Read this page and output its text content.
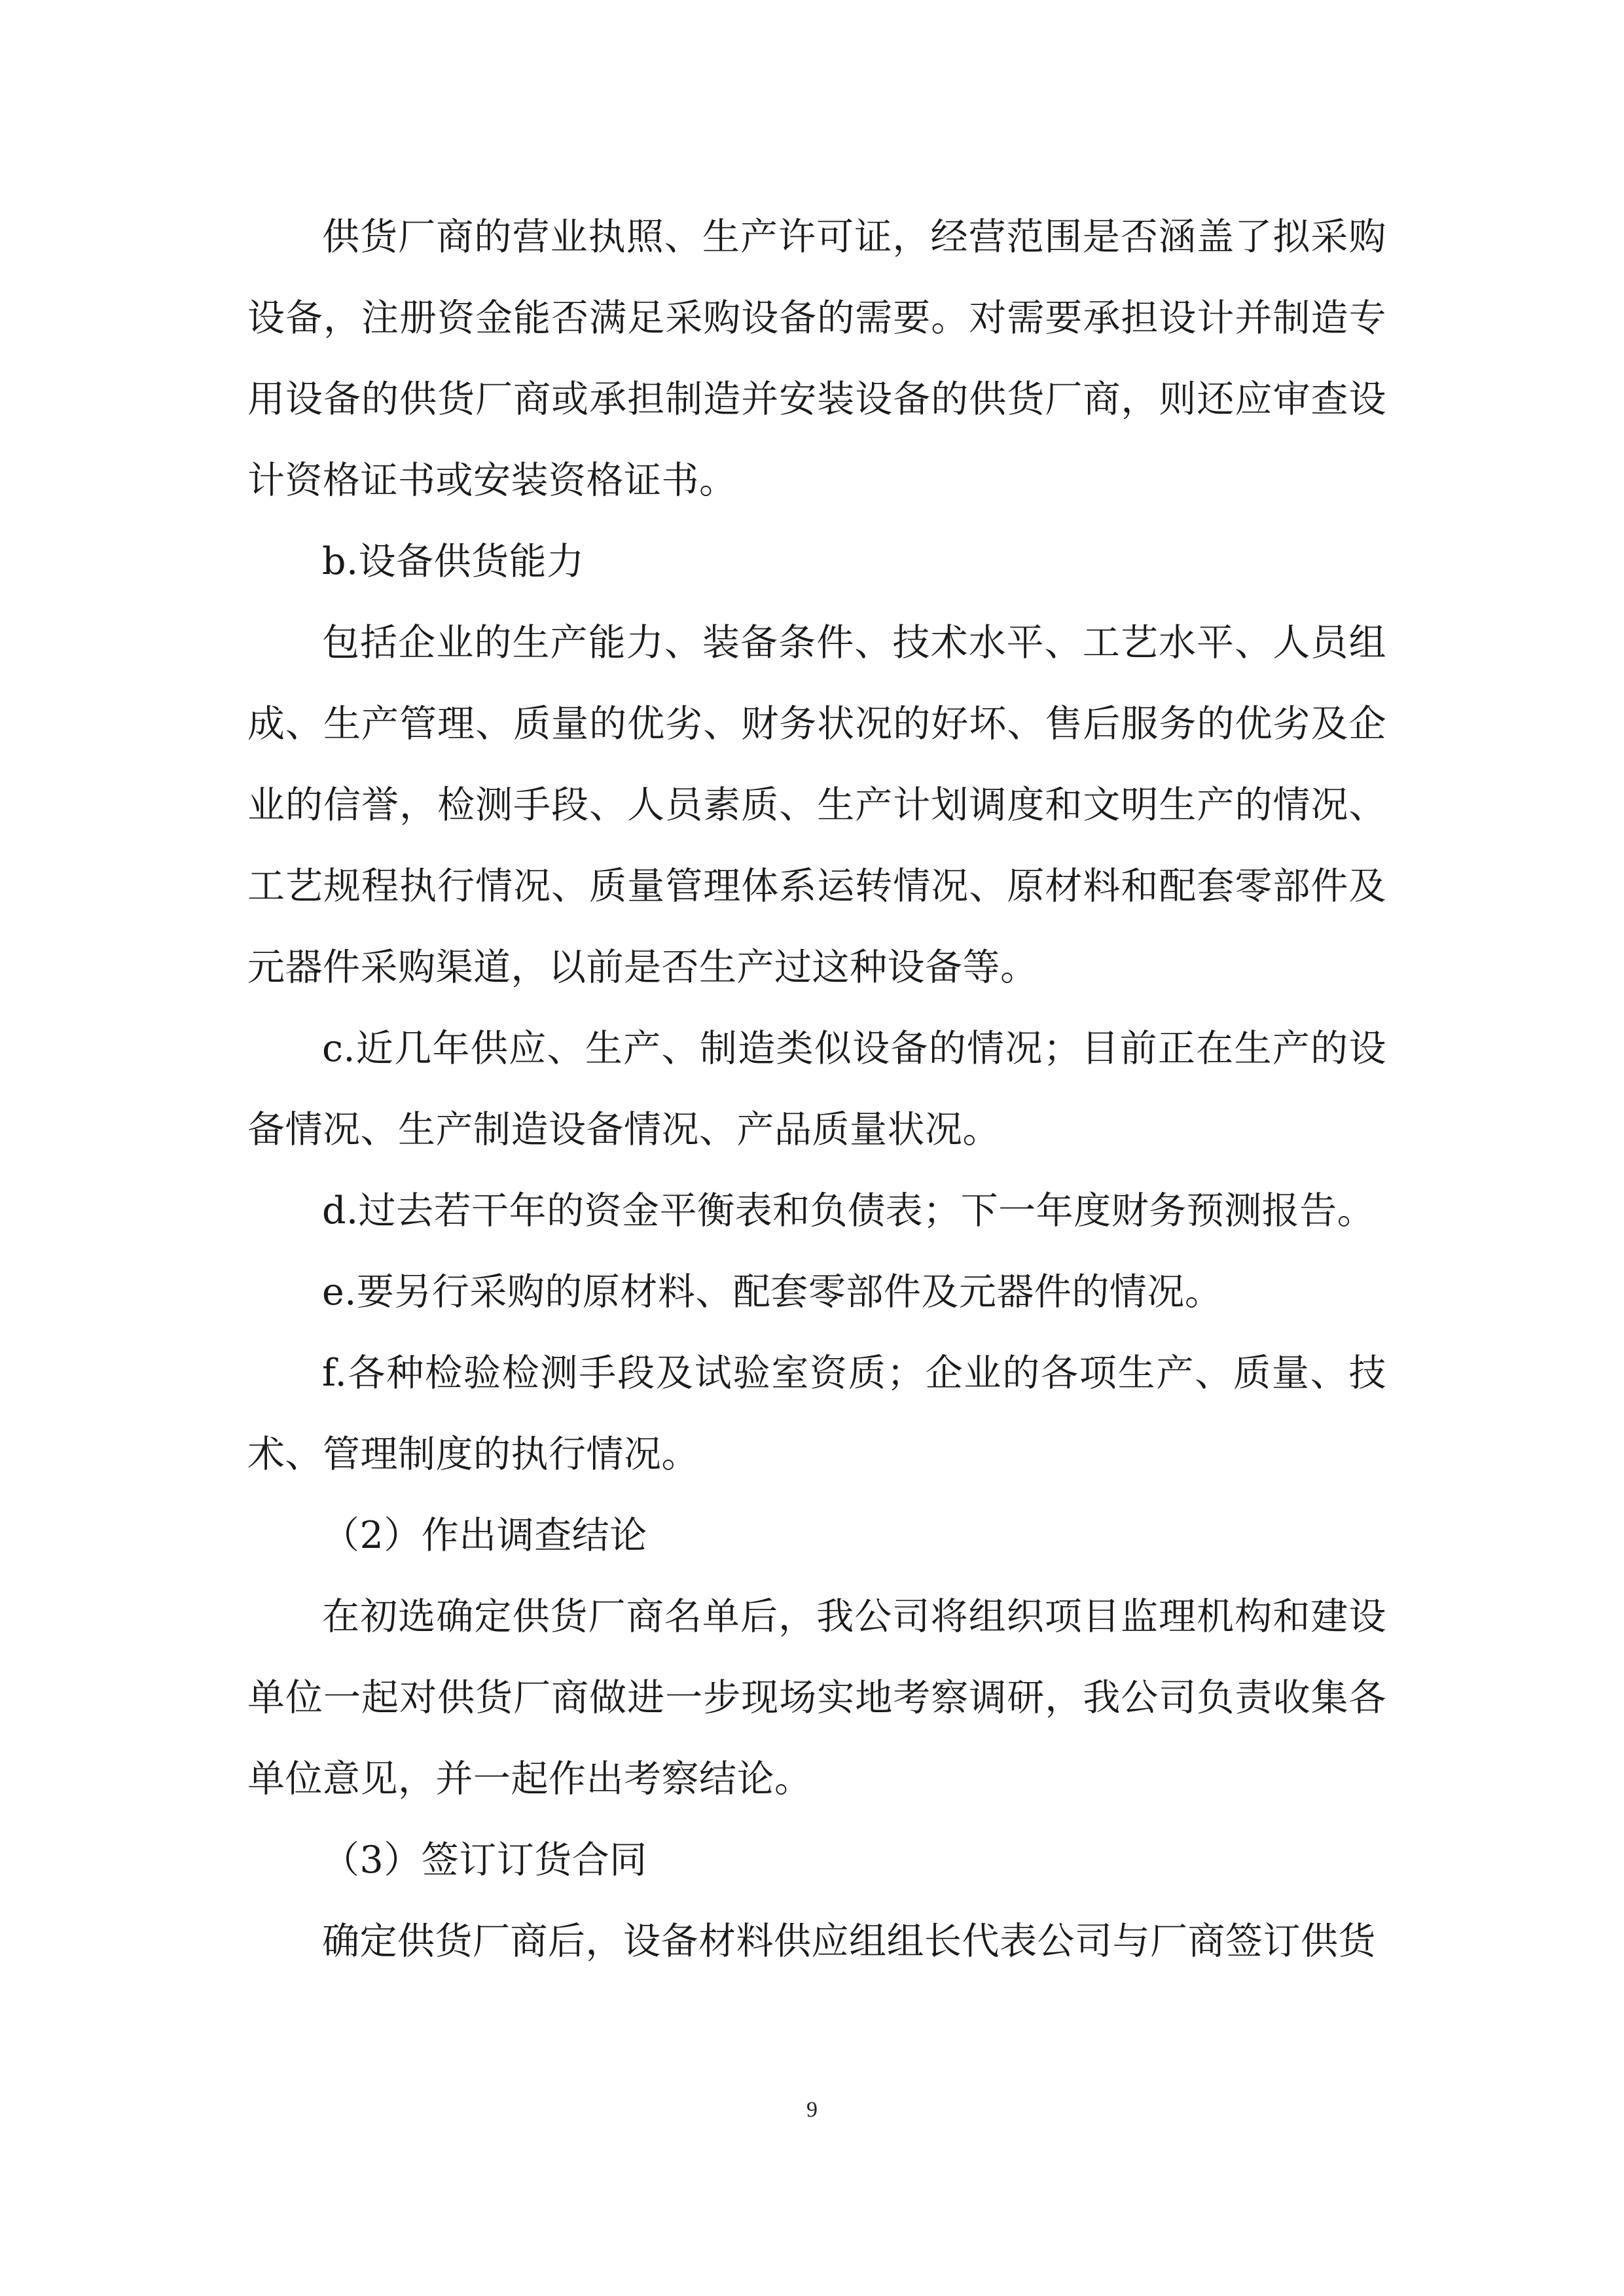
供货厂商的营业执照、生产许可证，经营范围是否涵盖了拟采购设备，注册资金能否满足采购设备的需要。对需要承担设计并制造专用设备的供货厂商或承担制造并安装设备的供货厂商，则还应审查设计资格证书或安装资格证书。

b.设备供货能力

包括企业的生产能力、装备条件、技术水平、工艺水平、人员组成、生产管理、质量的优劣、财务状况的好坏、售后服务的优劣及企业的信誉，检测手段、人员素质、生产计划调度和文明生产的情况、工艺规程执行情况、质量管理体系运转情况、原材料和配套零部件及元器件采购渠道，以前是否生产过这种设备等。

c.近几年供应、生产、制造类似设备的情况；目前正在生产的设备情况、生产制造设备情况、产品质量状况。

d.过去若干年的资金平衡表和负债表；下一年度财务预测报告。

e.要另行采购的原材料、配套零部件及元器件的情况。

f.各种检验检测手段及试验室资质；企业的各项生产、质量、技术、管理制度的执行情况。

（2）作出调查结论

在初选确定供货厂商名单后，我公司将组织项目监理机构和建设单位一起对供货厂商做进一步现场实地考察调研，我公司负责收集各单位意见，并一起作出考察结论。

（3）签订订货合同

确定供货厂商后，设备材料供应组组长代表公司与厂商签订供货

9
